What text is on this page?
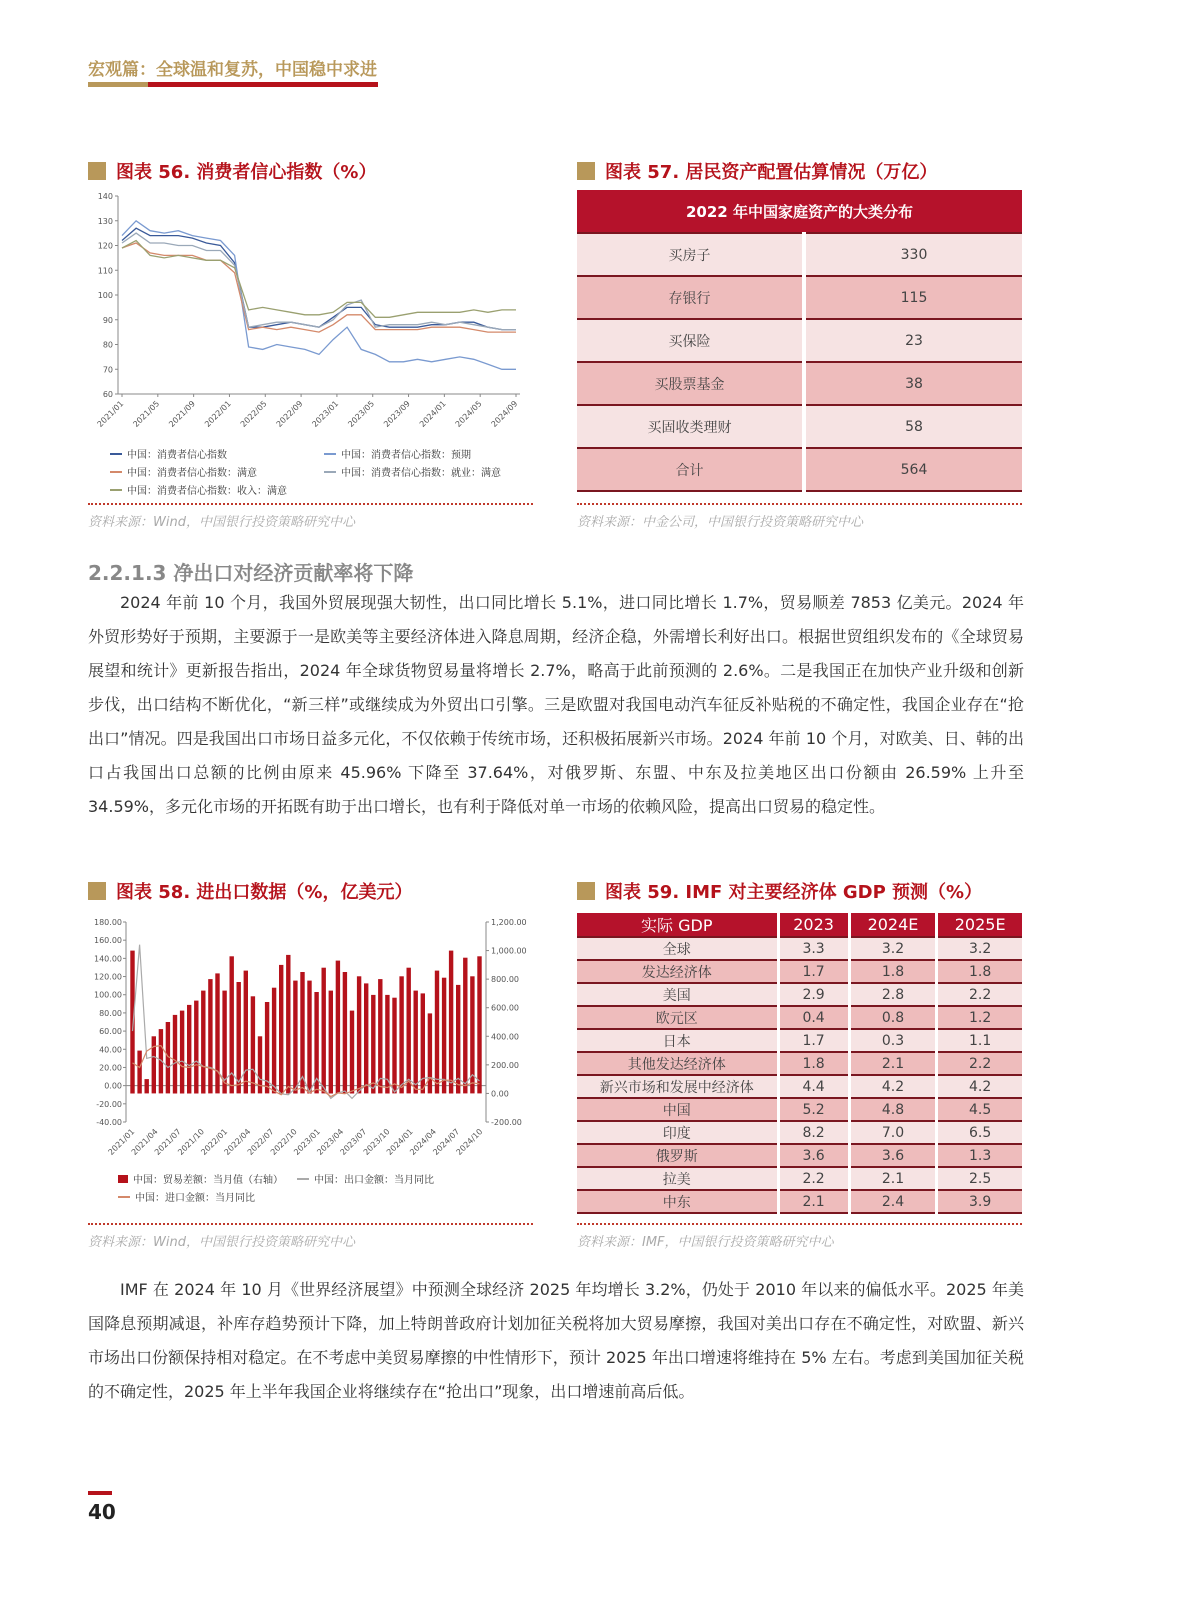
宏观篇：全球温和复苏，中国稳中求进
图表 56. 消费者信心指数（%）
140
130
120
110
100
90
80
70
60
2021/01 2021/05 2021/09 2022/01 2022/05 2022/09 2023/01 2023/05 2023/09 2024/01 2024/05 2024/09
中国：消费者信心指数	中国：消费者信心指数：预期
中国：消费者信心指数：满意	中国：消费者信心指数：就业：满意
中国：消费者信心指数：收入：满意
资料来源：Wind，中国银行投资策略研究中心
图表 57. 居民资产配置估算情况（万亿）
2022 年中国家庭资产的大类分布	
买房子	330
存银行	115
买保险	23
买股票基金	38
买固收类理财	58
合计	564
资料来源：中金公司，中国银行投资策略研究中心
2.2.1.3 净出口对经济贡献率将下降

2024 年前 10 个月，我国外贸展现强大韧性，出口同比增长 5.1%，进口同比增长 1.7%，贸易顺差 7853 亿美元。2024 年外贸形势好于预期，主要源于一是欧美等主要经济体进入降息周期，经济企稳，外需增长利好出口。根据世贸组织发布的《全球贸易展望和统计》更新报告指出，2024 年全球货物贸易量将增长 2.7%，略高于此前预测的 2.6%。二是我国正在加快产业升级和创新步伐，出口结构不断优化，“新三样”或继续成为外贸出口引擎。三是欧盟对我国电动汽车征反补贴税的不确定性，我国企业存在“抢出口”情况。四是我国出口市场日益多元化，不仅依赖于传统市场，还积极拓展新兴市场。2024 年前 10 个月，对欧美、日、韩的出口占我国出口总额的比例由原来 45.96% 下降至 37.64%，对俄罗斯、东盟、中东及拉美地区出口份额由 26.59% 上升至 34.59%，多元化市场的开拓既有助于出口增长，也有利于降低对单一市场的依赖风险，提高出口贸易的稳定性。

图表 58. 进出口数据（%，亿美元）
180.00
160.00
140.00
120.00
100.00
80.00
60.00
40.00
20.00
0.00
-20.00
-40.00
1,200.00
1,000.00
800.00
600.00
400.00
200.00
0.00
-200.00
2021/01
2021/04
2021/07
2021/10
2022/01
2022/04
2022/07
2022/10
2023/01
2023/04
2023/07
2023/10
2024/01
2024/04
2024/07
2024/10
中国：贸易差额：当月值（右轴）	中国：出口金额：当月同比
中国：进口金额：当月同比
资料来源：Wind，中国银行投资策略研究中心
图表 59. IMF 对主要经济体 GDP 预测（%）
实际 GDP	2023	2024E	2025E
全球	3.3	3.2	3.2
发达经济体	1.7	1.8	1.8
美国	2.9	2.8	2.2
欧元区	0.4	0.8	1.2
日本	1.7	0.3	1.1
其他发达经济体	1.8	2.1	2.2
新兴市场和发展中经济体	4.4	4.2	4.2
中国	5.2	4.8	4.5
印度	8.2	7.0	6.5
俄罗斯	3.6	3.6	1.3
拉美	2.2	2.1	2.5
中东	2.1	2.4	3.9
资料来源：IMF，中国银行投资策略研究中心

IMF 在 2024 年 10 月《世界经济展望》中预测全球经济 2025 年均增长 3.2%，仍处于 2010 年以来的偏低水平。2025 年美国降息预期减退，补库存趋势预计下降，加上特朗普政府计划加征关税将加大贸易摩擦，我国对美出口存在不确定性，对欧盟、新兴市场出口份额保持相对稳定。在不考虑中美贸易摩擦的中性情形下，预计 2025 年出口增速将维持在 5% 左右。考虑到美国加征关税的不确定性，2025 年上半年我国企业将继续存在“抢出口”现象，出口增速前高后低。

40
